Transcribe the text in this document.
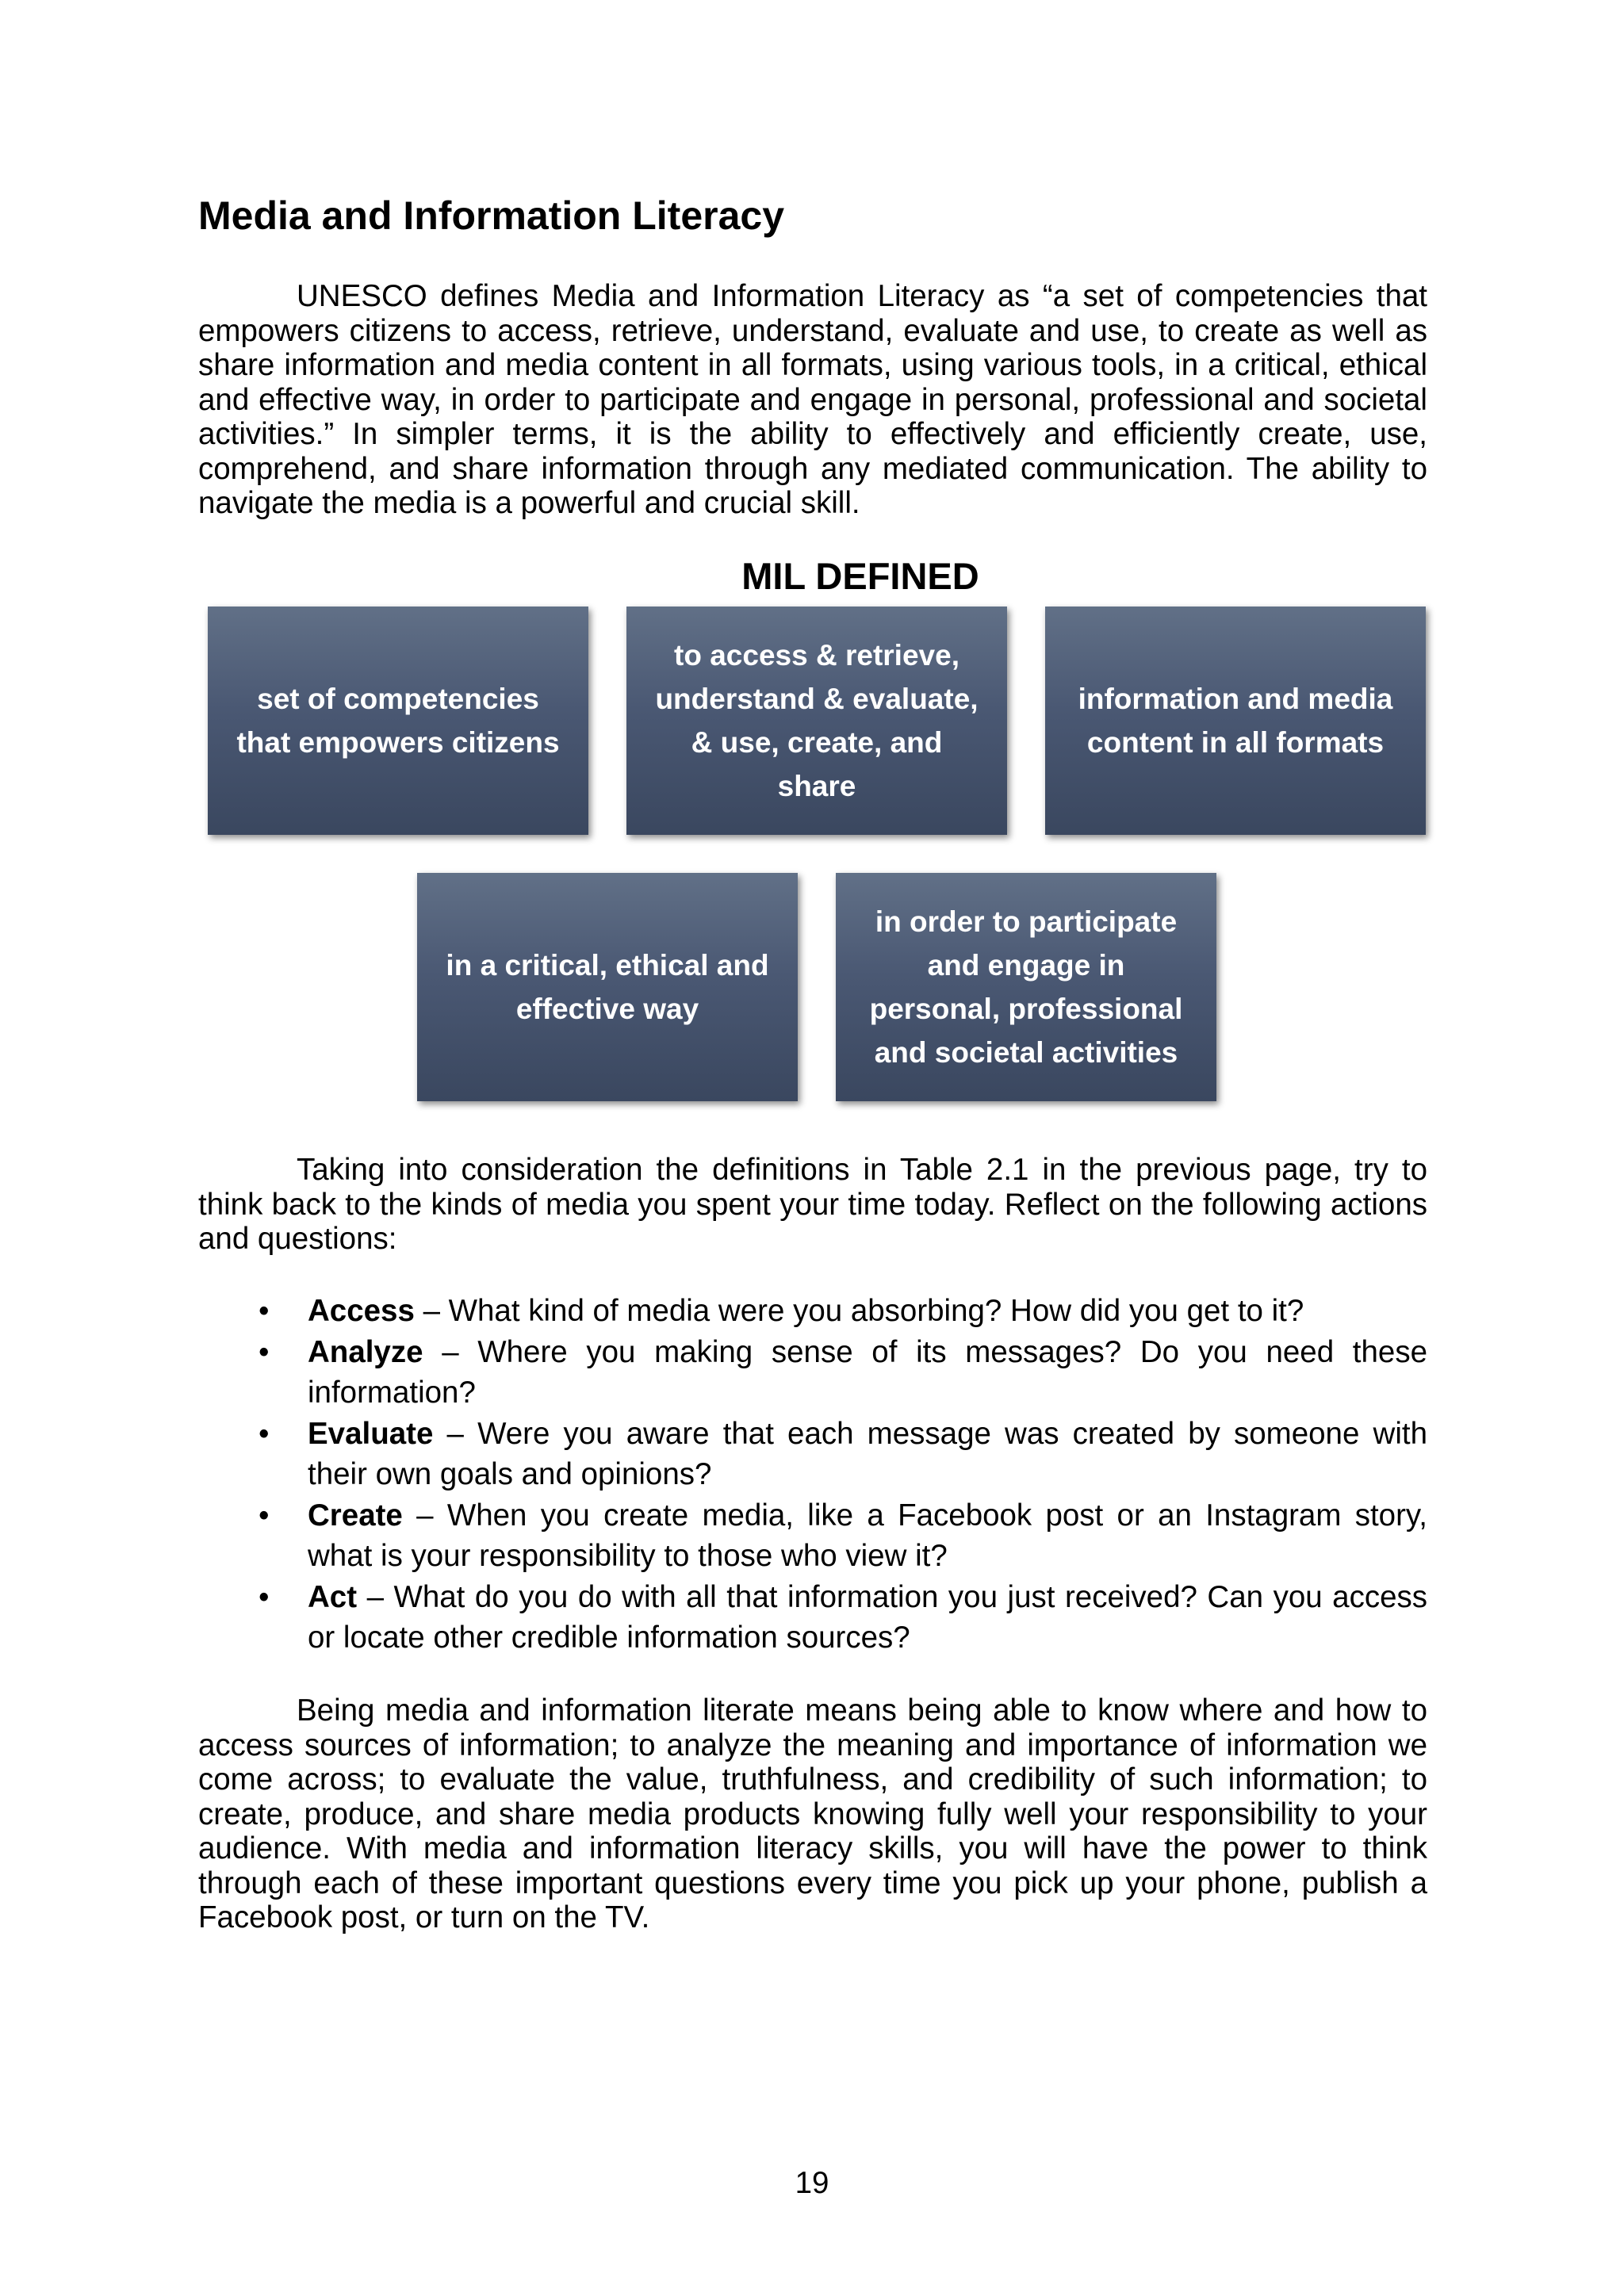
Media and Information Literacy

UNESCO defines Media and Information Literacy as “a set of competencies that empowers citizens to access, retrieve, understand, evaluate and use, to create as well as share information and media content in all formats, using various tools, in a critical, ethical and effective way, in order to participate and engage in personal, professional and societal activities.” In simpler terms, it is the ability to effectively and efficiently create, use, comprehend, and share information through any mediated communication. The ability to navigate the media is a powerful and crucial skill.

MIL DEFINED
set of competencies that empowers citizens
to access & retrieve, understand & evaluate, & use, create, and share
information and media content in all formats
in a critical, ethical and effective way
in order to participate and engage in personal, professional and societal activities

Taking into consideration the definitions in Table 2.1 in the previous page, try to think back to the kinds of media you spent your time today. Reflect on the following actions and questions:

• Access – What kind of media were you absorbing? How did you get to it?
• Analyze – Where you making sense of its messages? Do you need these information?
• Evaluate – Were you aware that each message was created by someone with their own goals and opinions?
• Create – When you create media, like a Facebook post or an Instagram story, what is your responsibility to those who view it?
• Act – What do you do with all that information you just received? Can you access or locate other credible information sources?

Being media and information literate means being able to know where and how to access sources of information; to analyze the meaning and importance of information we come across; to evaluate the value, truthfulness, and credibility of such information; to create, produce, and share media products knowing fully well your responsibility to your audience. With media and information literacy skills, you will have the power to think through each of these important questions every time you pick up your phone, publish a Facebook post, or turn on the TV.

19
